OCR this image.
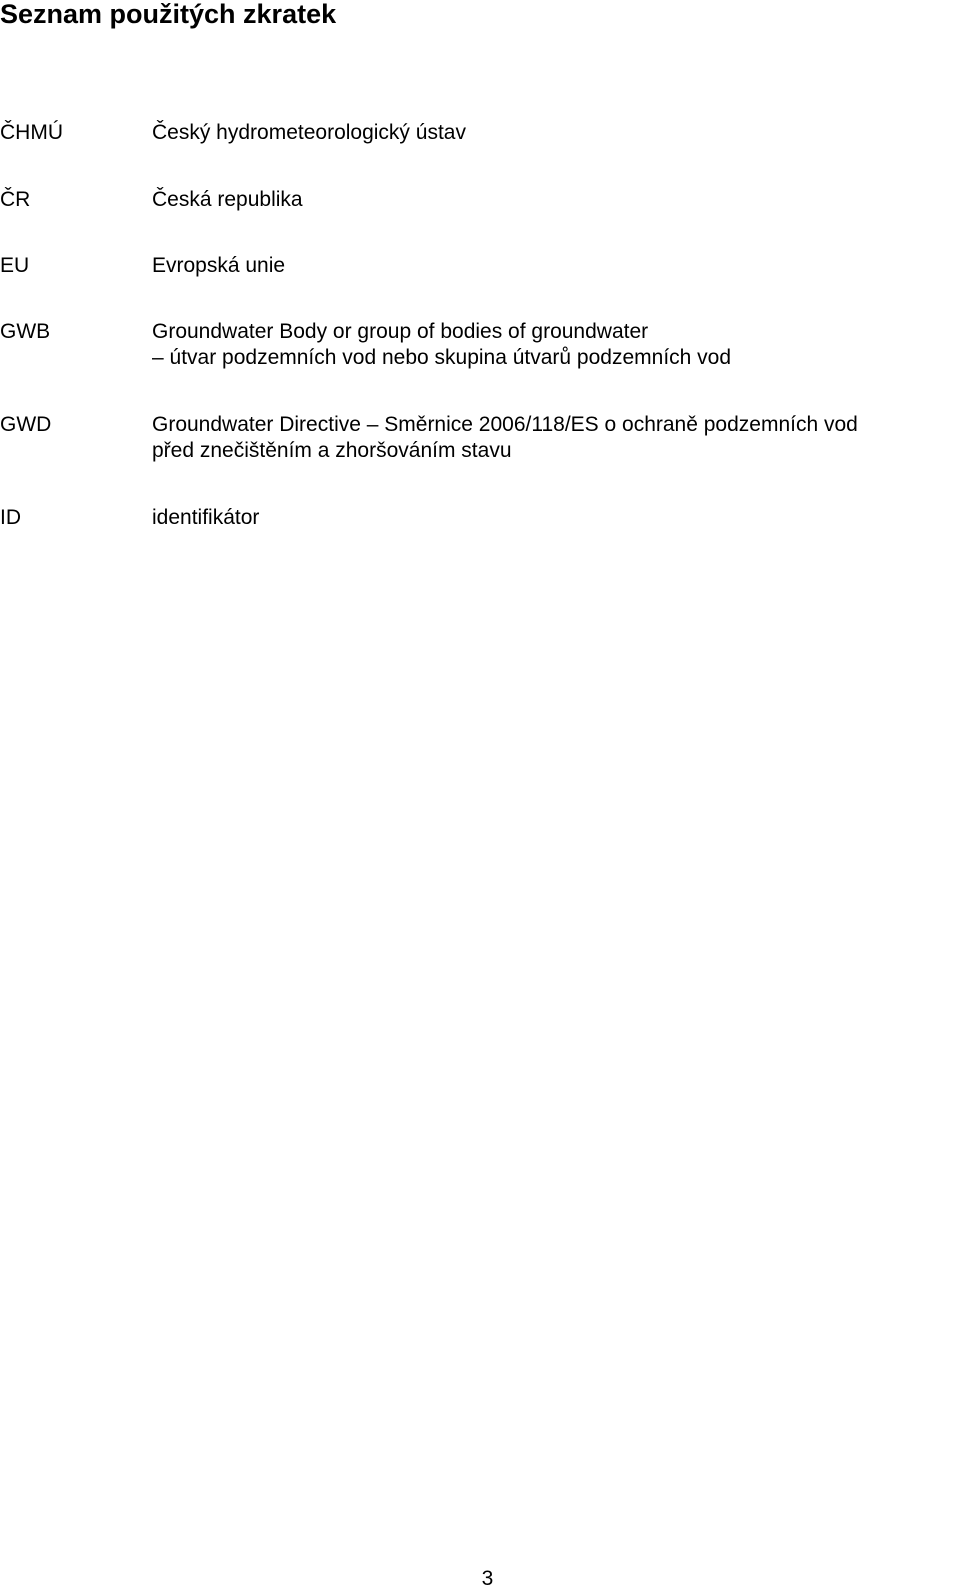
Seznam použitých zkratek
ČHMÚ	Český hydrometeorologický ústav
ČR	Česká republika
EU	Evropská unie
GWB	Groundwater Body or group of bodies of groundwater
– útvar podzemních vod nebo skupina útvarů podzemních vod
GWD	Groundwater Directive – Směrnice 2006/118/ES o ochraně podzemních vod
před znečištěním a zhoršováním stavu
ID	identifikátor
3
